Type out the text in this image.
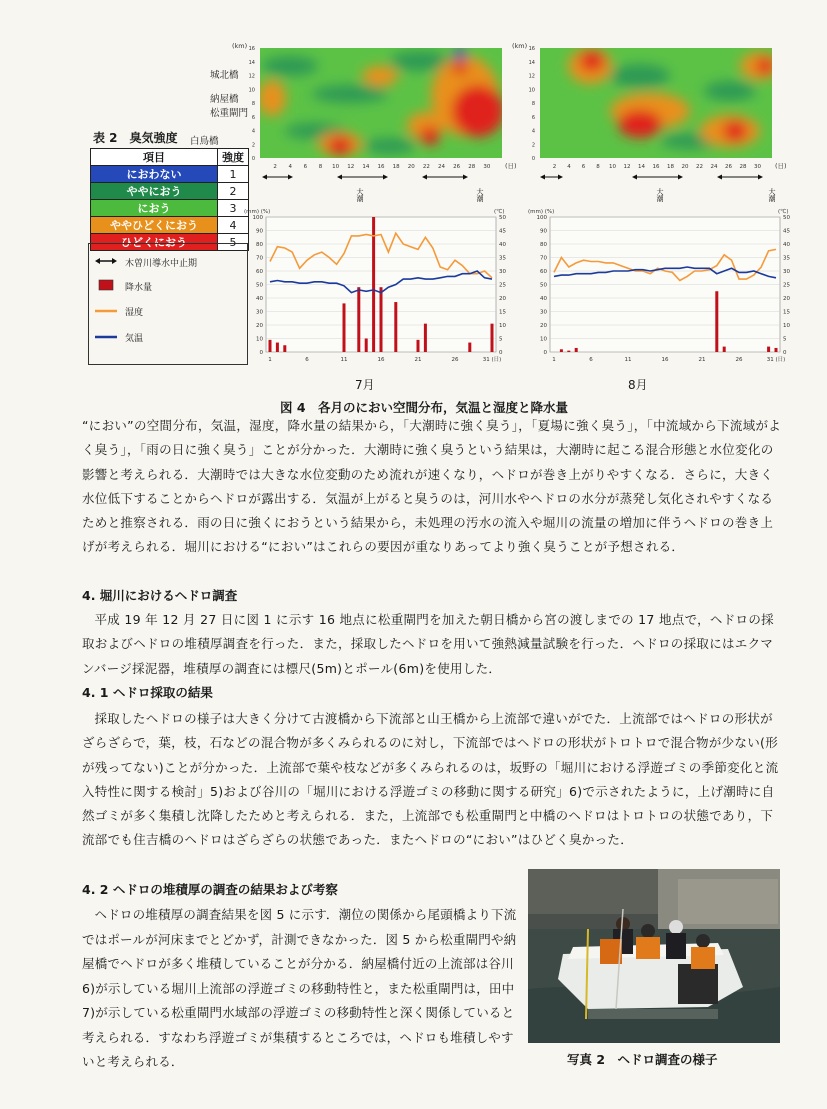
(km) 16
14
12
10
8
6
4
2
0
2 4 6 8 10 12 14 16 18 20 22 24 26 28 30 (日)
大潮	大潮
(km) 16
14
12
10
8
6
4
2
0
2 4 6 8 10 12 14 16 18 20 22 24 26 28 30 (日)
大潮	大潮
城北橋
納屋橋
松重閘門
白鳥橋
表 2　臭気強度
項目	強度
におわない	1
ややにおう	2
におう	3
ややひどくにおう	4
ひどくにおう	5
木曽川導水中止期
降水量
湿度
気温
0	0
10	5
20	10
30	15
40	20
50	25
60	30
70	35
80	40
90	45
100	50
(mm) (%)	(℃)
1	6	11	16	21	26	31 (日)
0	0
10	5
20	10
30	15
40	20
50	25
60	30
70	35
80	40
90	45
100	50
(mm) (%)	(℃)
1	6	11	16	21	26	31 (日)
7月	8月
図 4　各月のにおい空間分布，気温と湿度と降水量

“におい”の空間分布，気温，湿度，降水量の結果から，「大潮時に強く臭う」，「夏場に強く臭う」，「中流域から下流域がよく臭う」，「雨の日に強く臭う」ことが分かった．大潮時に強く臭うという結果は，大潮時に起こる混合形態と水位変化の影響と考えられる．大潮時では大きな水位変動のため流れが速くなり，ヘドロが巻き上がりやすくなる．さらに，大きく水位低下することからヘドロが露出する．気温が上がると臭うのは，河川水やヘドロの水分が蒸発し気化されやすくなるためと推察される．雨の日に強くにおうという結果から，未処理の汚水の流入や堀川の流量の増加に伴うヘドロの巻き上げが考えられる．堀川における“におい”はこれらの要因が重なりあってより強く臭うことが予想される．

4. 堀川におけるヘドロ調査

平成 19 年 12 月 27 日に図 1 に示す 16 地点に松重閘門を加えた朝日橋から宮の渡しまでの 17 地点で，ヘドロの採取およびヘドロの堆積厚調査を行った．また，採取したヘドロを用いて強熱減量試験を行った．ヘドロの採取にはエクマンバージ採泥器，堆積厚の調査には標尺(5m)とポール(6m)を使用した．

4. 1 ヘドロ採取の結果

採取したヘドロの様子は大きく分けて古渡橋から下流部と山王橋から上流部で違いがでた．上流部ではヘドロの形状がざらざらで，葉，枝，石などの混合物が多くみられるのに対し，下流部ではヘドロの形状がトロトロで混合物が少ない(形が残ってない)ことが分かった．上流部で葉や枝などが多くみられるのは，坂野の「堀川における浮遊ゴミの季節変化と流入特性に関する検討」5)および谷川の「堀川における浮遊ゴミの移動に関する研究」6)で示されたように，上げ潮時に自然ゴミが多く集積し沈降したためと考えられる．また，上流部でも松重閘門と中橋のヘドロはトロトロの状態であり，下流部でも住吉橋のヘドロはざらざらの状態であった．またヘドロの“におい”はひどく臭かった．

4. 2 ヘドロの堆積厚の調査の結果および考察

ヘドロの堆積厚の調査結果を図 5 に示す．潮位の関係から尾頭橋より下流ではポールが河床までとどかず，計測できなかった．図 5 から松重閘門や納屋橋でヘドロが多く堆積していることが分かる．納屋橋付近の上流部は谷川6)が示している堀川上流部の浮遊ゴミの移動特性と，また松重閘門は，田中7)が示している松重閘門水域部の浮遊ゴミの移動特性と深く関係していると考えられる．すなわち浮遊ゴミが集積するところでは，ヘドロも堆積しやすいと考えられる．	写真 2　ヘドロ調査の様子
